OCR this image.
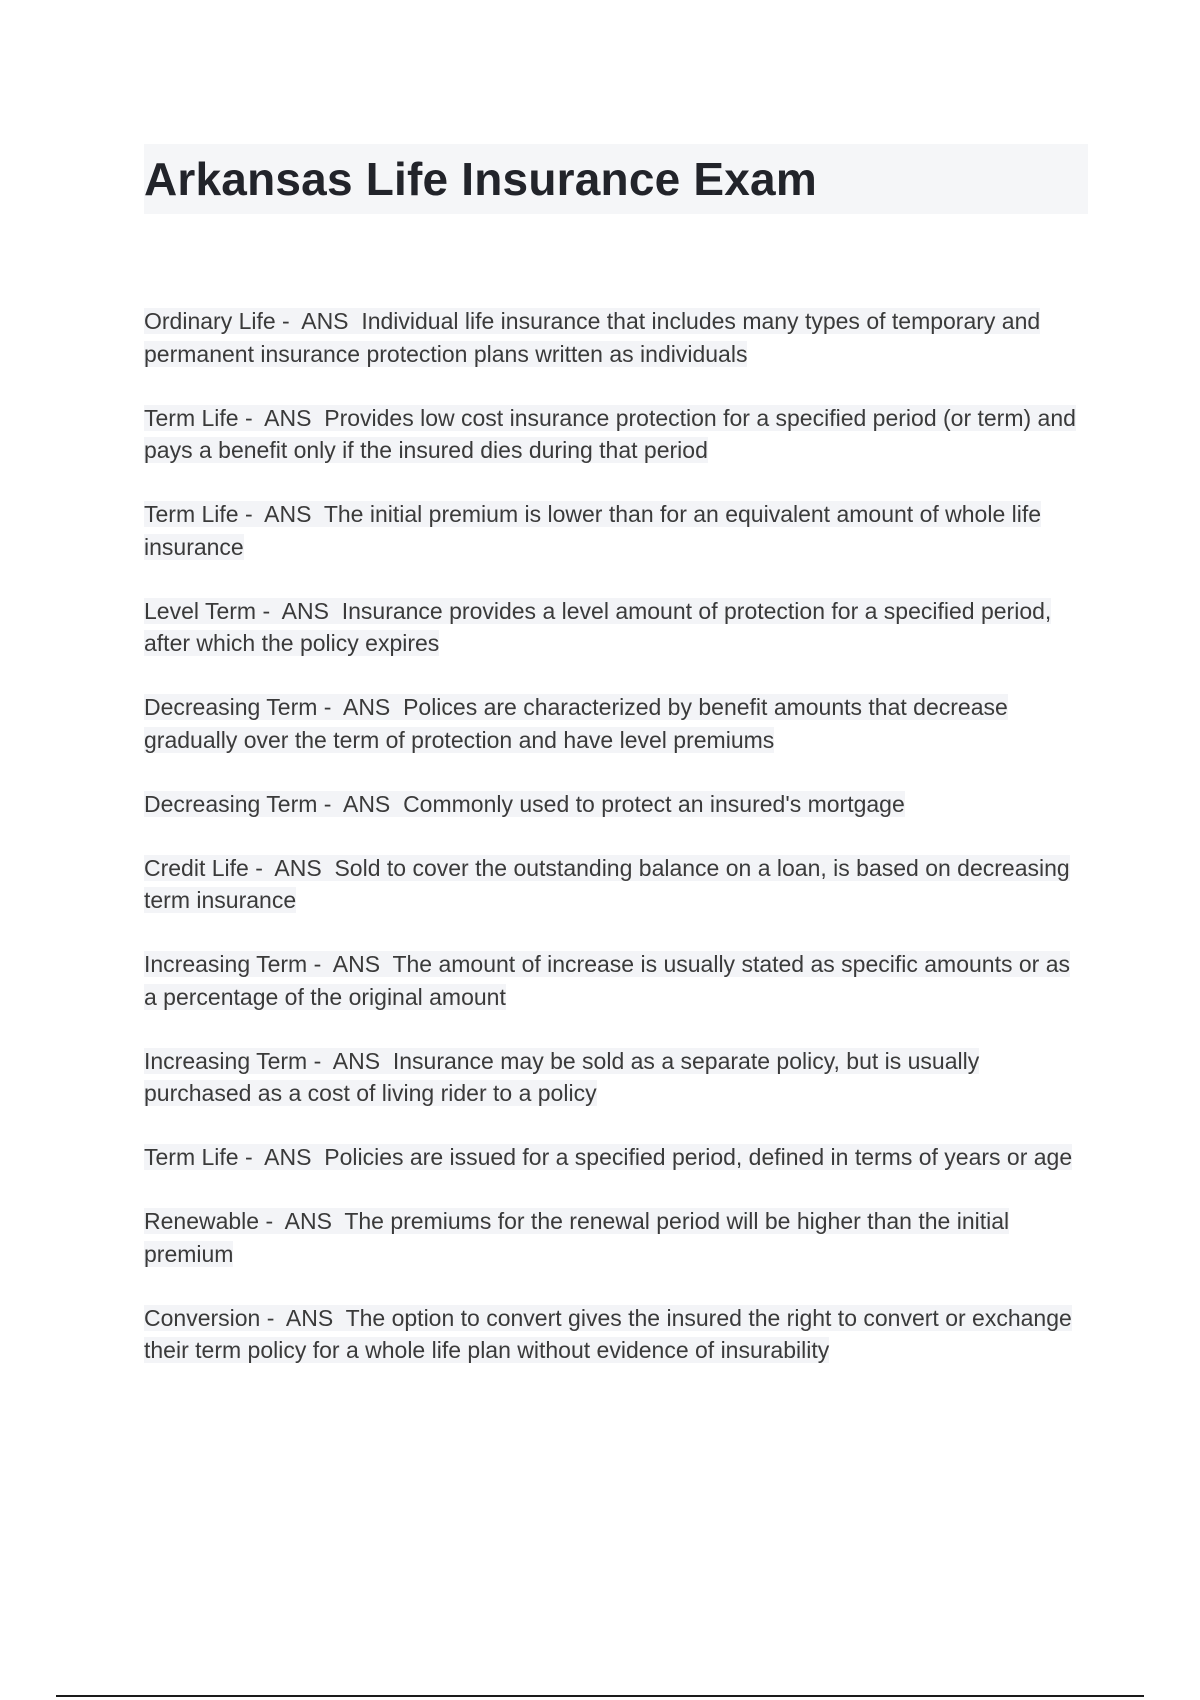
Arkansas Life Insurance Exam

Ordinary Life -  ANS Individual life insurance that includes many types of temporary and permanent insurance protection plans written as individuals

Term Life -  ANS Provides low cost insurance protection for a specified period (or term) and pays a benefit only if the insured dies during that period

Term Life -  ANS The initial premium is lower than for an equivalent amount of whole life insurance

Level Term -  ANS Insurance provides a level amount of protection for a specified period, after which the policy expires

Decreasing Term -  ANS Polices are characterized by benefit amounts that decrease gradually over the term of protection and have level premiums

Decreasing Term -  ANS Commonly used to protect an insured's mortgage

Credit Life -  ANS Sold to cover the outstanding balance on a loan, is based on decreasing term insurance

Increasing Term -  ANS The amount of increase is usually stated as specific amounts or as a percentage of the original amount

Increasing Term -  ANS Insurance may be sold as a separate policy, but is usually purchased as a cost of living rider to a policy

Term Life -  ANS Policies are issued for a specified period, defined in terms of years or age

Renewable -  ANS The premiums for the renewal period will be higher than the initial premium

Conversion -  ANS The option to convert gives the insured the right to convert or exchange their term policy for a whole life plan without evidence of insurability
